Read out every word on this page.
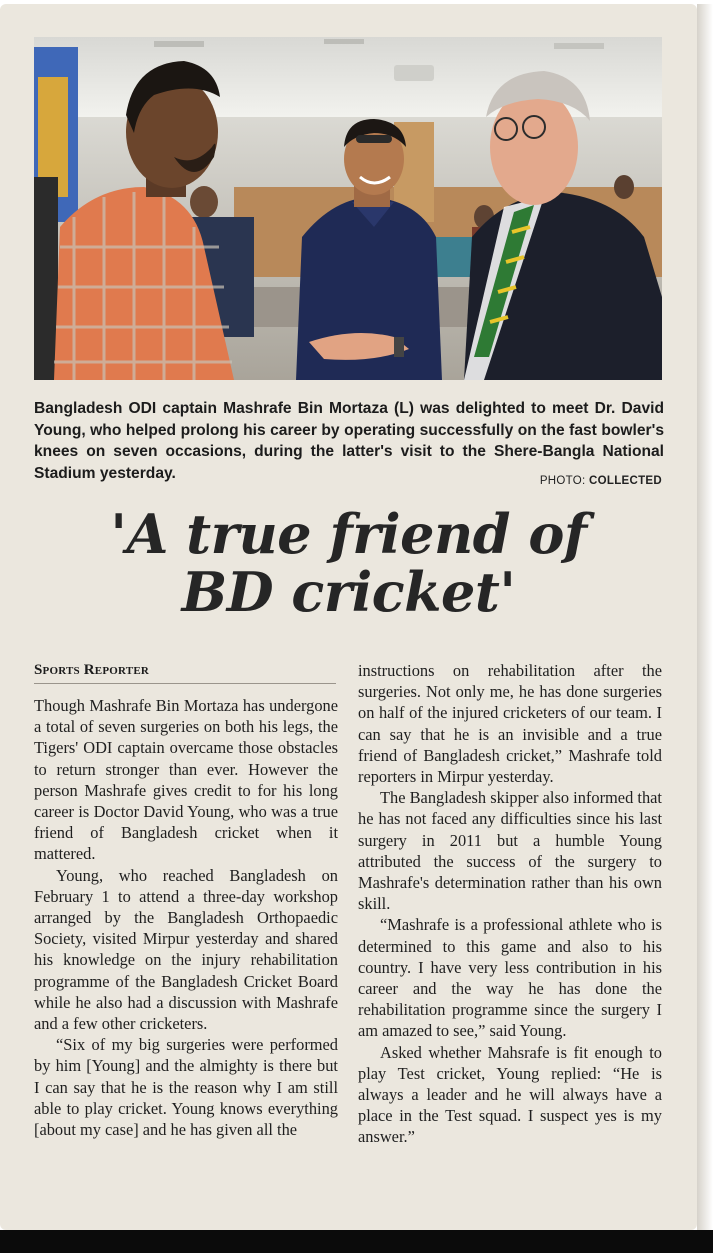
Bangladesh ODI captain Mashrafe Bin Mortaza (L) was delighted to meet Dr. David Young, who helped prolong his career by operating successfully on the fast bowler's knees on seven occasions, during the latter's visit to the Shere-Bangla National Stadium yesterday.	PHOTO: COLLECTED
'A true friend of
BD cricket'
Sports Reporter

Though Mashrafe Bin Mortaza has undergone a total of seven surgeries on both his legs, the Tigers' ODI captain overcame those obstacles to return stronger than ever. However the person Mashrafe gives credit to for his long career is Doctor David Young, who was a true friend of Bangladesh cricket when it mattered.

Young, who reached Bangladesh on February 1 to attend a three-day workshop arranged by the Bangladesh Orthopaedic Society, visited Mirpur yesterday and shared his knowledge on the injury rehabilitation programme of the Bangladesh Cricket Board while he also had a discussion with Mashrafe and a few other cricketers.

“Six of my big surgeries were performed by him [Young] and the almighty is there but I can say that he is the reason why I am still able to play cricket. Young knows everything [about my case] and he has given all the

instructions on rehabilitation after the surgeries. Not only me, he has done surgeries on half of the injured cricketers of our team. I can say that he is an invisible and a true friend of Bangladesh cricket,” Mashrafe told reporters in Mirpur yesterday.

The Bangladesh skipper also informed that he has not faced any difficulties since his last surgery in 2011 but a humble Young attributed the success of the surgery to Mashrafe's determination rather than his own skill.

“Mashrafe is a professional athlete who is determined to this game and also to his country. I have very less contribution in his career and the way he has done the rehabilitation programme since the surgery I am amazed to see,” said Young.

Asked whether Mahsrafe is fit enough to play Test cricket, Young replied: “He is always a leader and he will always have a place in the Test squad. I suspect yes is my answer.”
